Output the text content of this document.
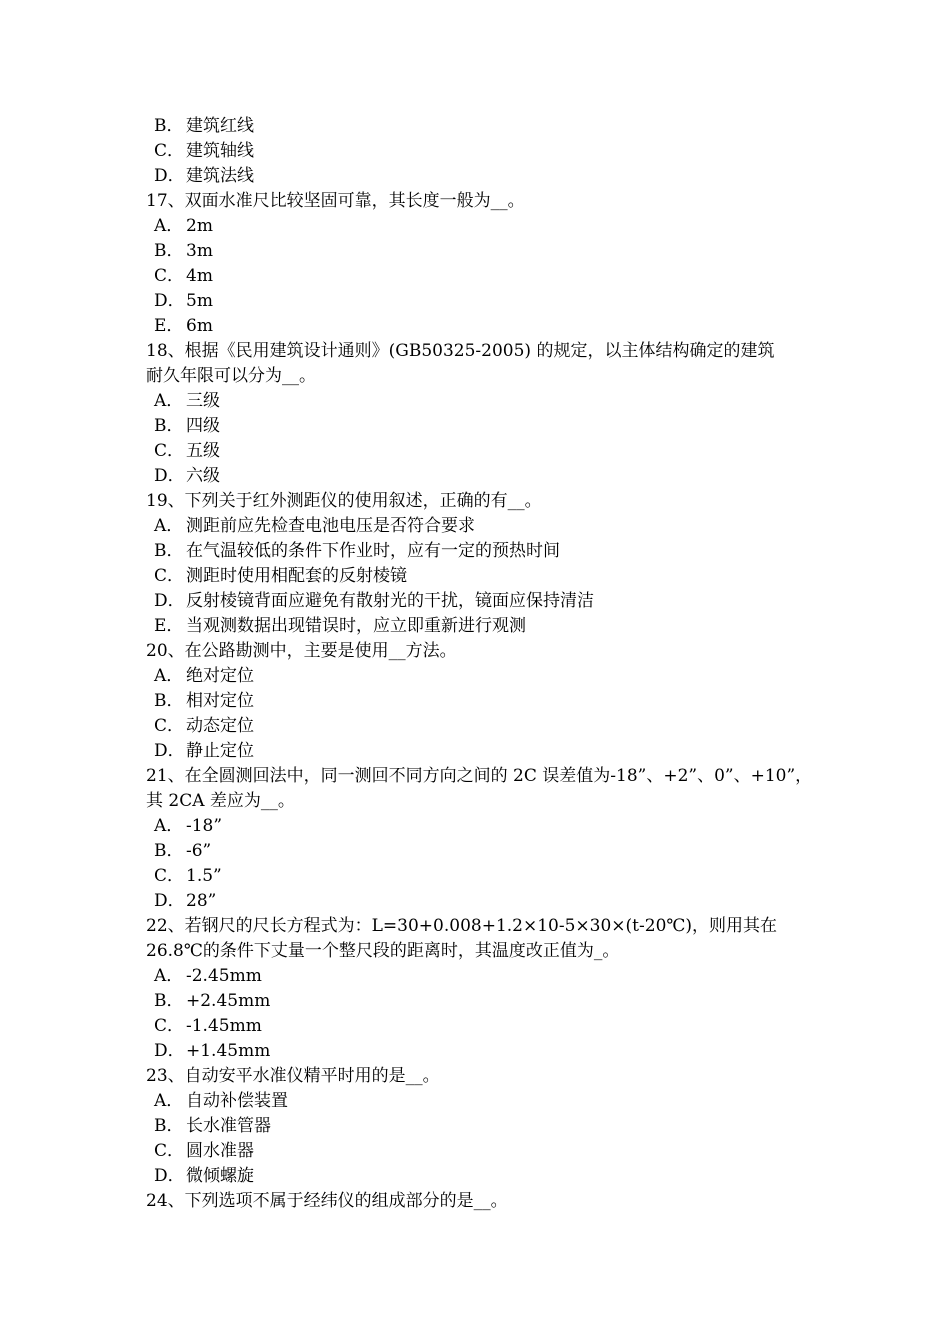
B． 建筑红线
C． 建筑轴线
D．建筑法线
17、双面水准尺比较坚固可靠，其长度一般为__。
A． 2m
B． 3m
C． 4m
D．5m
E． 6m
18、根据《民用建筑设计通则》(GB50325-2005) 的规定，以主体结构确定的建筑
耐久年限可以分为__。
A． 三级
B． 四级
C． 五级
D．六级
19、下列关于红外测距仪的使用叙述，正确的有__。
A． 测距前应先检查电池电压是否符合要求
B． 在气温较低的条件下作业时，应有一定的预热时间
C． 测距时使用相配套的反射棱镜
D．反射棱镜背面应避免有散射光的干扰，镜面应保持清洁
E． 当观测数据出现错误时，应立即重新进行观测
20、在公路勘测中，主要是使用__方法。
A． 绝对定位
B． 相对定位
C． 动态定位
D．静止定位
21、在全圆测回法中，同一测回不同方向之间的 2C 误差值为-18”、+2”、0”、+10”，
其 2CA 差应为__。
A． -18”
B． -6”
C． 1.5”
D．28”
22、若钢尺的尺长方程式为：L=30+0.008+1.2×10-5×30×(t-20℃)，则用其在
26.8℃的条件下丈量一个整尺段的距离时，其温度改正值为_。
A． -2.45mm
B． +2.45mm
C． -1.45mm
D．+1.45mm
23、自动安平水准仪精平时用的是__。
A． 自动补偿装置
B． 长水准管器
C． 圆水准器
D．微倾螺旋
24、下列选项不属于经纬仪的组成部分的是__。
